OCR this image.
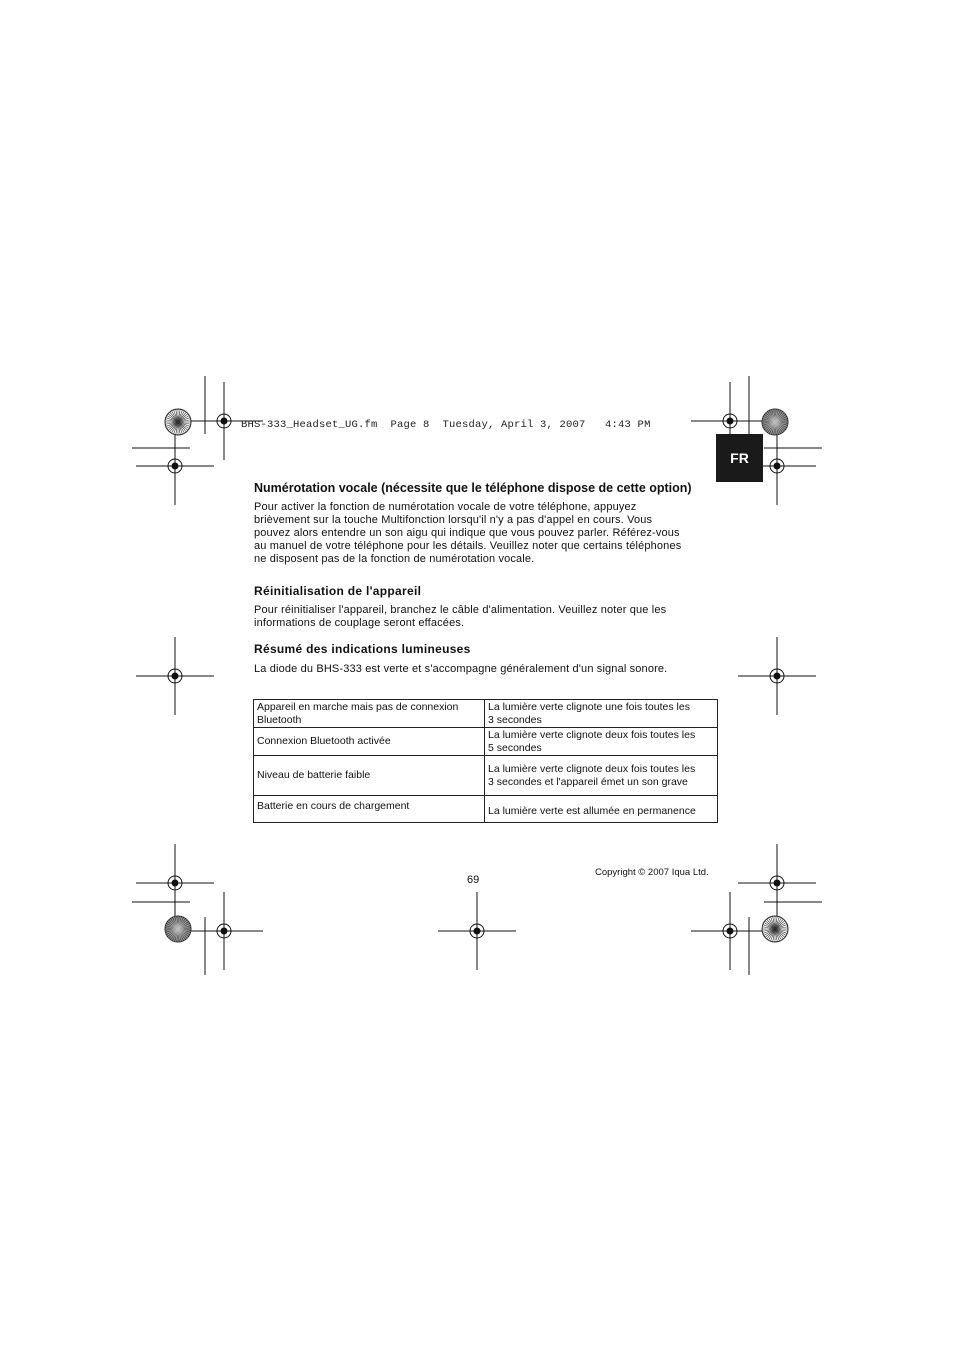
BHS-333_Headset_UG.fm  Page 8  Tuesday, April 3, 2007   4:43 PM
FR
Numérotation vocale (nécessite que le téléphone dispose de cette option)
Pour activer la fonction de numérotation vocale de votre téléphone, appuyez
brièvement sur la touche Multifonction lorsqu'il n'y a pas d'appel en cours. Vous
pouvez alors entendre un son aigu qui indique que vous pouvez parler. Référez-vous
au manuel de votre téléphone pour les détails. Veuillez noter que certains téléphones
ne disposent pas de la fonction de numérotation vocale.
Réinitialisation de l'appareil
Pour réinitialiser l'appareil, branchez le câble d'alimentation. Veuillez noter que les
informations de couplage seront effacées.
Résumé des indications lumineuses
La diode du BHS-333 est verte et s'accompagne généralement d'un signal sonore.
Appareil en marche mais pas de connexion
Bluetooth	La lumière verte clignote une fois toutes les
3 secondes

Connexion Bluetooth activée	La lumière verte clignote deux fois toutes les
5 secondes

Niveau de batterie faible	La lumière verte clignote deux fois toutes les
3 secondes et l'appareil émet un son grave

Batterie en cours de chargement	La lumière verte est allumée en permanence
69
Copyright © 2007 Iqua Ltd.
